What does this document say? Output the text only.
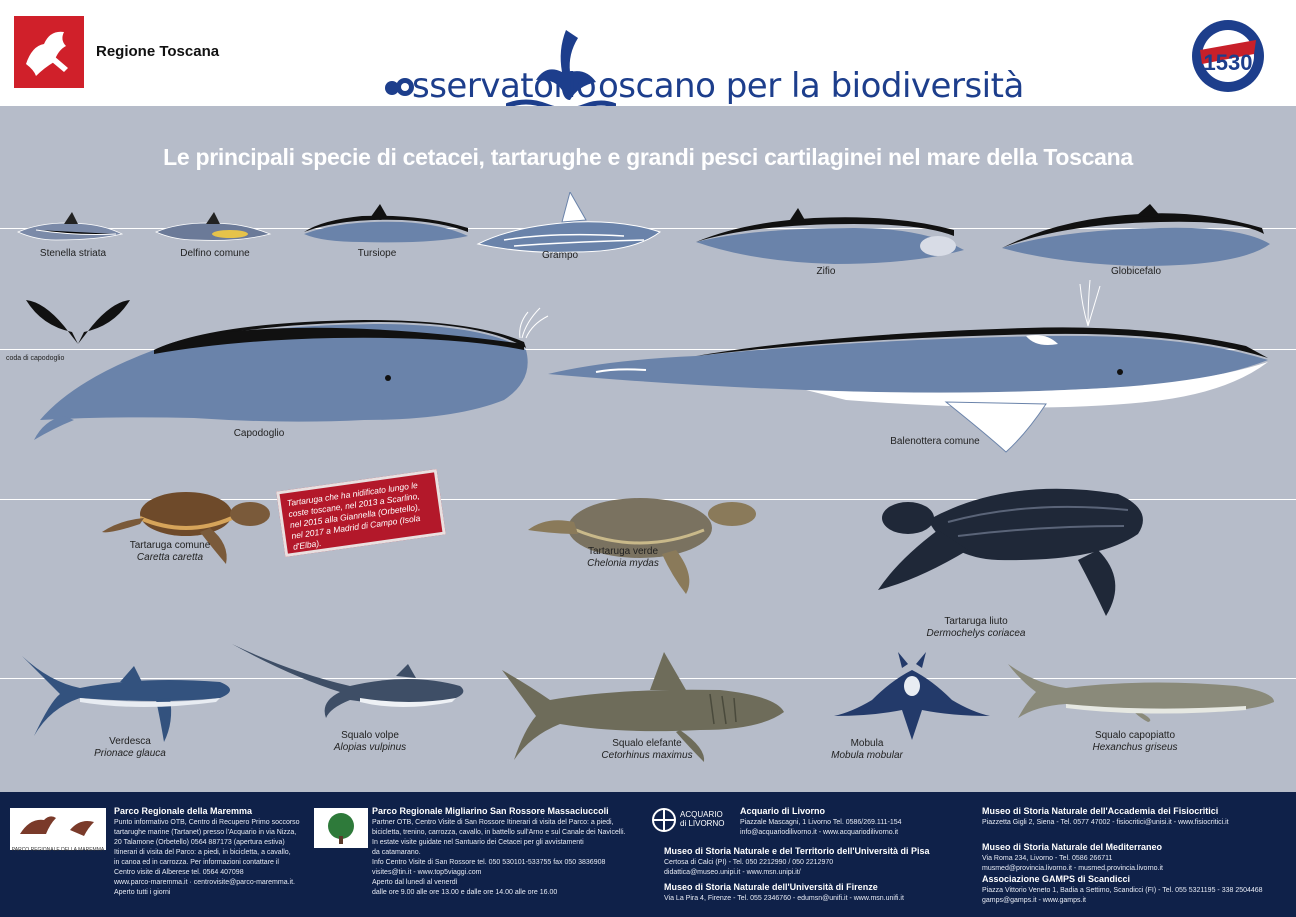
Regione Toscana
sservatorio oscano per la biodiversità
1530
Le principali specie di cetacei, tartarughe e grandi pesci cartilaginei nel mare della Toscana
Stenella striata	Delfino comune	Tursiope	Grampo
Zifio	Globicefalo
coda di capodoglio
Capodoglio
Balenottera comune
Tartaruga comune
Caretta caretta
Tartaruga che ha nidificato lungo le coste toscane, nel 2013 a Scarlino, nel 2015 alla Giannella (Orbetello), nel 2017 a Madrid di Campo (Isola d'Elba).	Tartaruga verde
Chelonia mydas
Tartaruga liuto
Dermochelys coriacea
Verdesca
Prionace glauca
Squalo volpe
Alopias vulpinus	Squalo elefante
Cetorhinus maximus
Mobula
Mobula mobular
Squalo capopiatto
Hexanchus griseus
PARCO REGIONALE DELLA MAREMMA
Parco Regionale della Maremma
Punto informativo OTB, Centro di Recupero Primo soccorso
tartarughe marine (Tartanet) presso l'Acquario in via Nizza,
20 Talamone (Orbetello) 0564 887173 (apertura estiva)
Itinerari di visita del Parco: a piedi, in bicicletta, a cavallo,
in canoa ed in carrozza. Per informazioni contattare il
Centro visite di Alberese tel. 0564 407098
www.parco-maremma.it · centrovisite@parco-maremma.it.
Aperto tutti i giorni
Parco Regionale Migliarino San Rossore Massaciuccoli
Partner OTB, Centro Visite di San Rossore Itinerari di visita del Parco: a piedi,
bicicletta, trenino, carrozza, cavallo, in battello sull'Arno e sul Canale dei Navicelli.
In estate visite guidate nel Santuario dei Cetacei per gli avvistamenti
da catamarano.
Info Centro Visite di San Rossore tel. 050 530101-533755 fax 050 3836908
visites@tin.it - www.top5viaggi.com
Aperto dal lunedì al venerdì
dalle ore 9.00 alle ore 13.00 e dalle ore 14.00 alle ore 16.00
ACQUARIO
di LIVORNO
Acquario di Livorno
Piazzale Mascagni, 1 Livorno Tel. 0586/269.111-154
info@acquariodilivorno.it - www.acquariodilivorno.it
Museo di Storia Naturale e del Territorio dell'Università di Pisa
Certosa di Calci (PI) - Tel. 050 2212990 / 050 2212970
didattica@museo.unipi.it - www.msn.unipi.it/
Museo di Storia Naturale dell'Università di Firenze
Via La Pira 4, Firenze - Tel. 055 2346760 - edumsn@unifi.it - www.msn.unifi.it
Museo di Storia Naturale dell'Accademia dei Fisiocritici
Piazzetta Gigli 2, Siena - Tel. 0577 47002 - fisiocritici@unisi.it - www.fisiocritici.it
Museo di Storia Naturale del Mediterraneo
Via Roma 234, Livorno - Tel. 0586 266711
musmed@provincia.livorno.it - musmed.provincia.livorno.it
Associazione GAMPS di Scandicci
Piazza Vittorio Veneto 1, Badia a Settimo, Scandicci (FI) - Tel. 055 5321195 - 338 2504468
gamps@gamps.it - www.gamps.it
